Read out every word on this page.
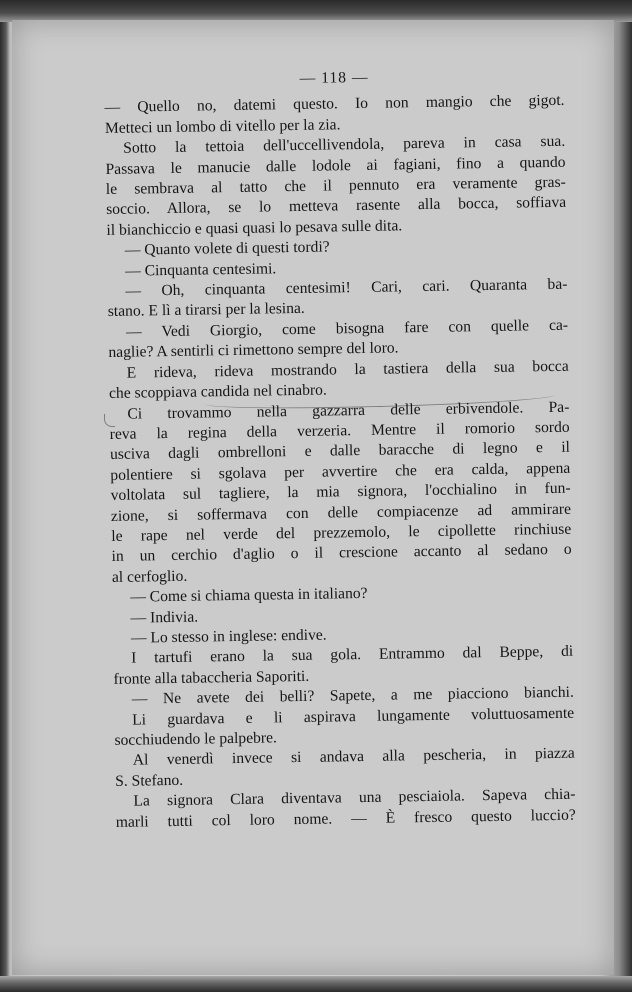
— 118 —
— Quello no, datemi questo. Io non mangio che gigot.
Metteci un lombo di vitello per la zia.
Sotto la tettoia dell'uccellivendola, pareva in casa sua.
Passava le manucie dalle lodole ai fagiani, fino a quando
le sembrava al tatto che il pennuto era veramente gras-
soccio. Allora, se lo metteva rasente alla bocca, soffiava
il bianchiccio e quasi quasi lo pesava sulle dita.
— Quanto volete di questi tordi?
— Cinquanta centesimi.
— Oh, cinquanta centesimi! Cari, cari. Quaranta ba-
stano. E lì a tirarsi per la lesina.
— Vedi Giorgio, come bisogna fare con quelle ca-
naglie? A sentirli ci rimettono sempre del loro.
E rideva, rideva mostrando la tastiera della sua bocca
che scoppiava candida nel cinabro.
Ci trovammo nella gazzarra delle erbivendole. Pa-
reva la regina della verzeria. Mentre il romorio sordo
usciva dagli ombrelloni e dalle baracche di legno e il
polentiere si sgolava per avvertire che era calda, appena
voltolata sul tagliere, la mia signora, l'occhialino in fun-
zione, si soffermava con delle compiacenze ad ammirare
le rape nel verde del prezzemolo, le cipollette rinchiuse
in un cerchio d'aglio o il crescione accanto al sedano o
al cerfoglio.
— Come si chiama questa in italiano?
— Indivia.
— Lo stesso in inglese: endive.
I tartufi erano la sua gola. Entrammo dal Beppe, di
fronte alla tabaccheria Saporiti.
— Ne avete dei belli? Sapete, a me piacciono bianchi.
Li guardava e li aspirava lungamente voluttuosamente
socchiudendo le palpebre.
Al venerdì invece si andava alla pescheria, in piazza
S. Stefano.
La signora Clara diventava una pesciaiola. Sapeva chia-
marli tutti col loro nome. — È fresco questo luccio?
